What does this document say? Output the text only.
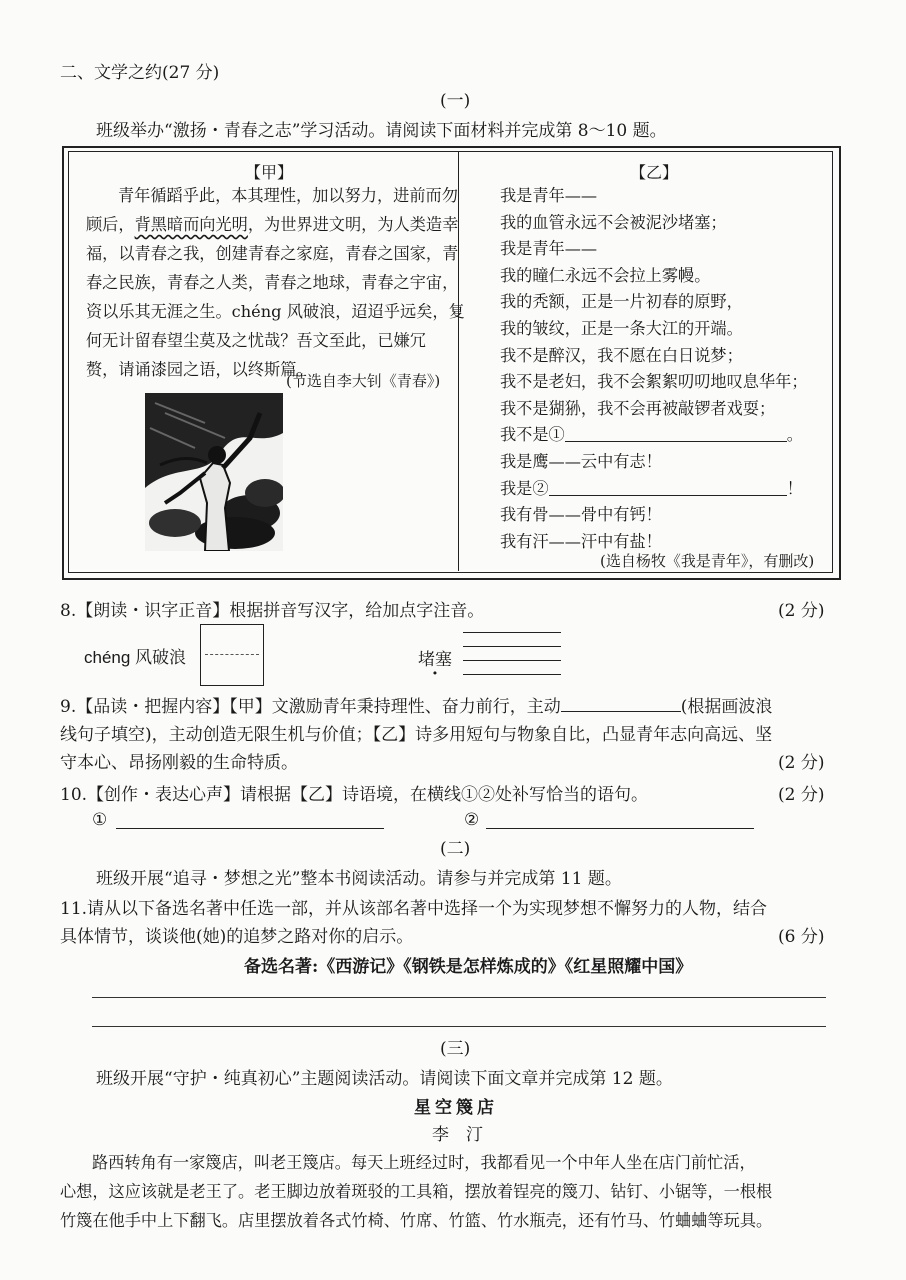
二、文学之约(27 分)
(一)
班级举办“激扬・青春之志”学习活动。请阅读下面材料并完成第 8～10 题。
【甲】
青年循蹈乎此，本其理性，加以努力，进前而勿
顾后，背黑暗而向光明，为世界进文明，为人类造幸
福，以青春之我，创建青春之家庭，青春之国家，青
春之民族，青春之人类，青春之地球，青春之宇宙，
资以乐其无涯之生。chéng 风破浪，迢迢乎远矣，复
何无计留春望尘莫及之忧哉？吾文至此，已嫌冗
赘，请诵漆园之语，以终斯篇。
(节选自李大钊《青春》)
【乙】
我是青年——
我的血管永远不会被泥沙堵塞；
我是青年——
我的瞳仁永远不会拉上雾幔。
我的秃额，正是一片初春的原野，
我的皱纹，正是一条大江的开端。
我不是醉汉，我不愿在白日说梦；
我不是老妇，我不会絮絮叨叨地叹息华年；
我不是猢狲，我不会再被敲锣者戏耍；
我不是①	。
我是鹰——云中有志！
我是②	！
我有骨——骨中有钙！
我有汗——汗中有盐！
(选自杨牧《我是青年》，有删改)
8.【朗读・识字正音】根据拼音写汉字，给加点字注音。	(2 分)
chéng 风破浪	堵塞
9.【品读・把握内容】【甲】文激励青年秉持理性、奋力前行，主动	(根据画波浪
线句子填空)，主动创造无限生机与价值；【乙】诗多用短句与物象自比，凸显青年志向高远、坚
守本心、昂扬刚毅的生命特质。	(2 分)
10.【创作・表达心声】请根据【乙】诗语境，在横线①②处补写恰当的语句。	(2 分)
①	②
(二)
班级开展“追寻・梦想之光”整本书阅读活动。请参与并完成第 11 题。
11.请从以下备选名著中任选一部，并从该部名著中选择一个为实现梦想不懈努力的人物，结合
具体情节，谈谈他(她)的追梦之路对你的启示。	(6 分)
备选名著:《西游记》《钢铁是怎样炼成的》《红星照耀中国》
(三)
班级开展“守护・纯真初心”主题阅读活动。请阅读下面文章并完成第 12 题。
星空篾店
李　汀
路西转角有一家篾店，叫老王篾店。每天上班经过时，我都看见一个中年人坐在店门前忙活，
心想，这应该就是老王了。老王脚边放着斑驳的工具箱，摆放着锃亮的篾刀、钻钉、小锯等，一根根
竹篾在他手中上下翻飞。店里摆放着各式竹椅、竹席、竹篮、竹水瓶壳，还有竹马、竹蛐蛐等玩具。
